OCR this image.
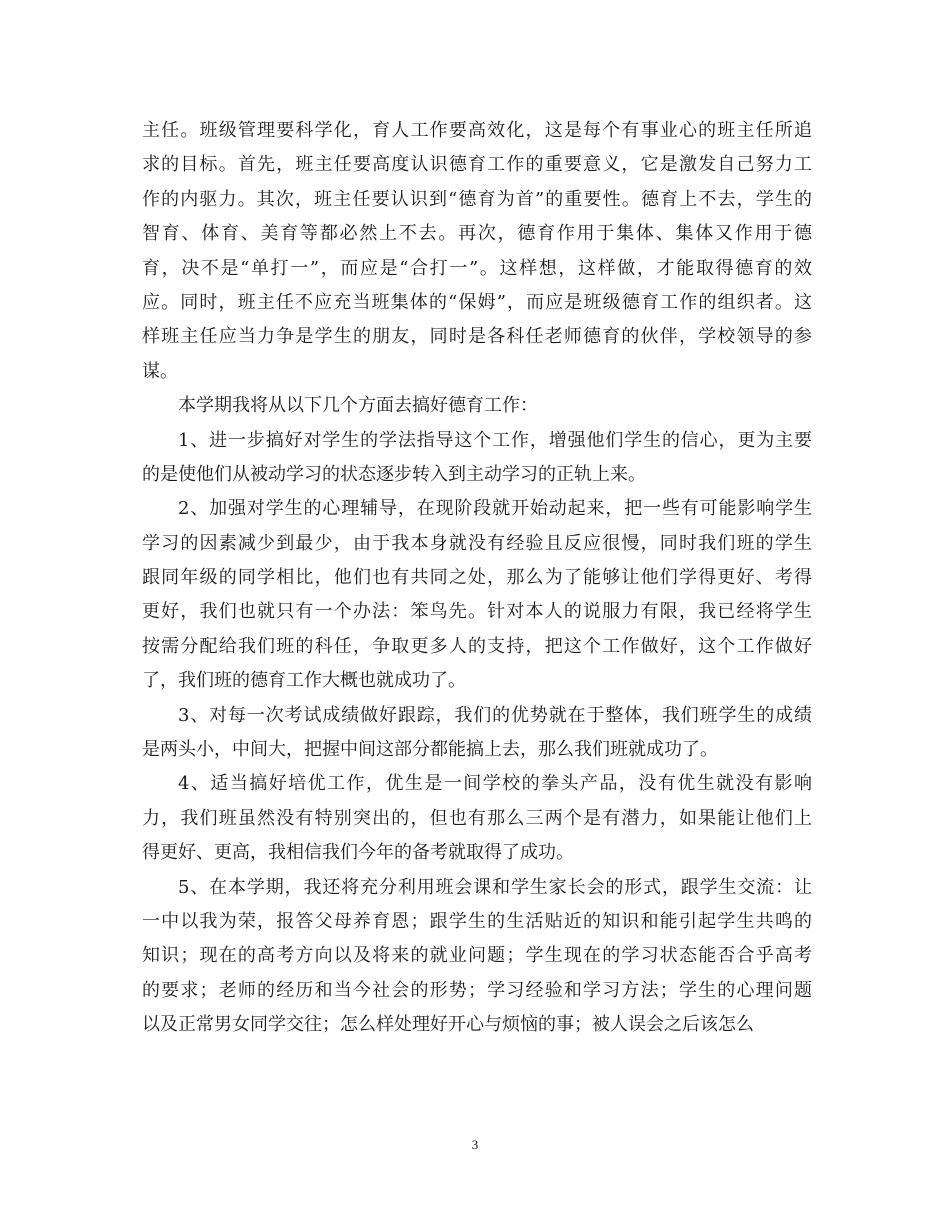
主任。班级管理要科学化，育人工作要高效化，这是每个有事业心的班主任所追
求的目标。首先，班主任要高度认识德育工作的重要意义，它是激发自己努力工
作的内驱力。其次，班主任要认识到“德育为首”的重要性。德育上不去，学生的
智育、体育、美育等都必然上不去。再次，德育作用于集体、集体又作用于德
育，决不是“单打一”，而应是“合打一”。这样想，这样做，才能取得德育的效
应。同时，班主任不应充当班集体的“保姆”，而应是班级德育工作的组织者。这
样班主任应当力争是学生的朋友，同时是各科任老师德育的伙伴，学校领导的参
谋。
本学期我将从以下几个方面去搞好德育工作：
1、进一步搞好对学生的学法指导这个工作，增强他们学生的信心，更为主要
的是使他们从被动学习的状态逐步转入到主动学习的正轨上来。
2、加强对学生的心理辅导，在现阶段就开始动起来，把一些有可能影响学生
学习的因素减少到最少，由于我本身就没有经验且反应很慢，同时我们班的学生
跟同年级的同学相比，他们也有共同之处，那么为了能够让他们学得更好、考得
更好，我们也就只有一个办法：笨鸟先。针对本人的说服力有限，我已经将学生
按需分配给我们班的科任，争取更多人的支持，把这个工作做好，这个工作做好
了，我们班的德育工作大概也就成功了。
3、对每一次考试成绩做好跟踪，我们的优势就在于整体，我们班学生的成绩
是两头小，中间大，把握中间这部分都能搞上去，那么我们班就成功了。
4、适当搞好培优工作，优生是一间学校的拳头产品，没有优生就没有影响
力，我们班虽然没有特别突出的，但也有那么三两个是有潜力，如果能让他们上
得更好、更高，我相信我们今年的备考就取得了成功。
5、在本学期，我还将充分利用班会课和学生家长会的形式，跟学生交流：让
一中以我为荣，报答父母养育恩；跟学生的生活贴近的知识和能引起学生共鸣的
知识；现在的高考方向以及将来的就业问题；学生现在的学习状态能否合乎高考
的要求；老师的经历和当今社会的形势；学习经验和学习方法；学生的心理问题
以及正常男女同学交往；怎么样处理好开心与烦恼的事；被人误会之后该怎么
3
